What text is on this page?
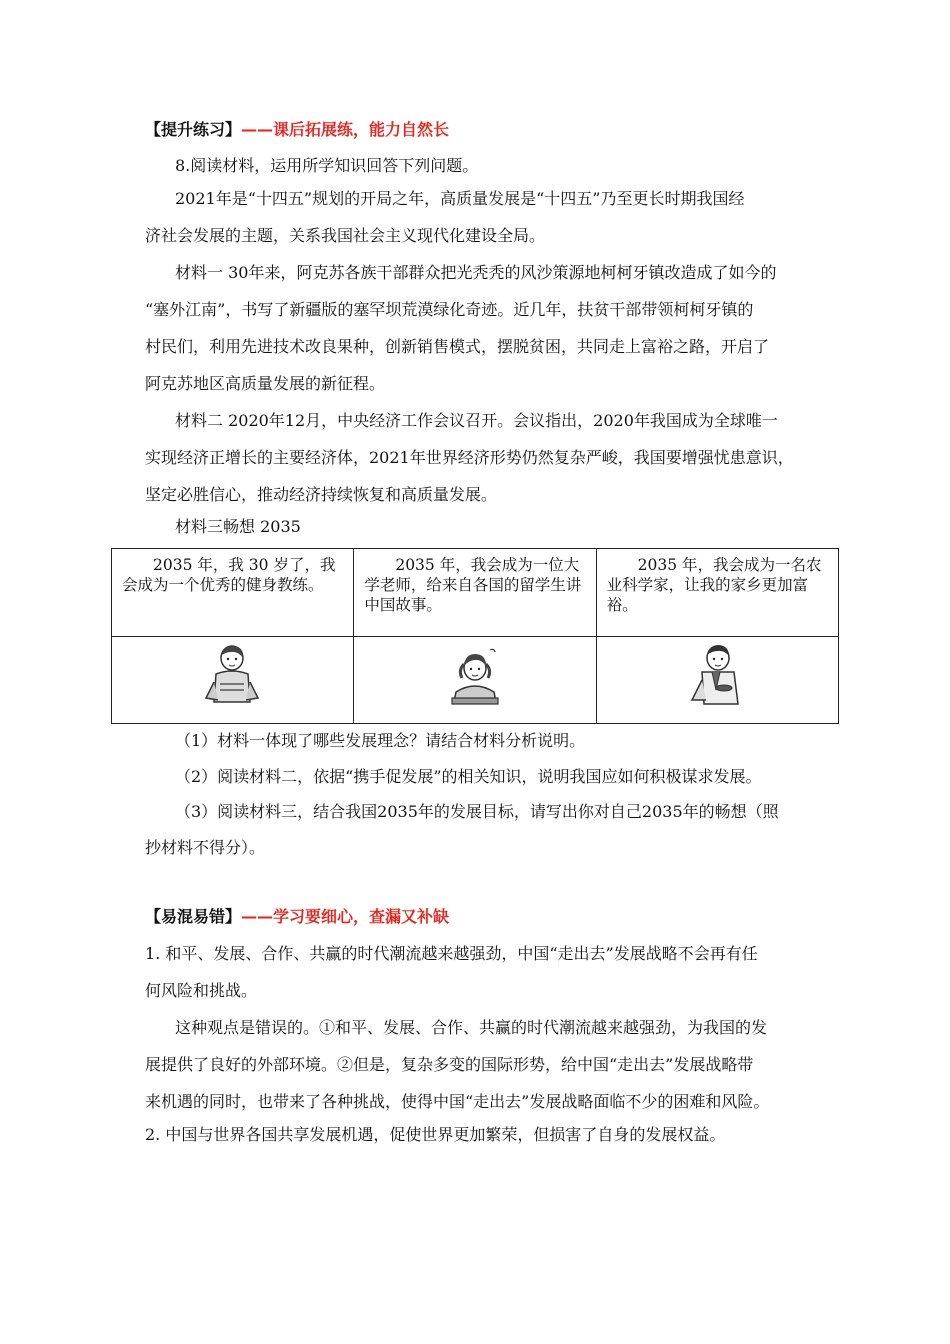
【提升练习】——课后拓展练，能力自然长
8.阅读材料，运用所学知识回答下列问题。
2021年是“十四五”规划的开局之年，高质量发展是“十四五”乃至更长时期我国经
济社会发展的主题，关系我国社会主义现代化建设全局。
材料一 30年来，阿克苏各族干部群众把光秃秃的风沙策源地柯柯牙镇改造成了如今的
“塞外江南”，书写了新疆版的塞罕坝荒漠绿化奇迹。近几年，扶贫干部带领柯柯牙镇的
村民们，利用先进技术改良果种，创新销售模式，摆脱贫困，共同走上富裕之路，开启了
阿克苏地区高质量发展的新征程。
材料二 2020年12月，中央经济工作会议召开。会议指出，2020年我国成为全球唯一
实现经济正增长的主要经济体，2021年世界经济形势仍然复杂严峻，我国要增强忧患意识，
坚定必胜信心，推动经济持续恢复和高质量发展。
材料三畅想 2035
2035 年，我 30 岁了，我会成为一个优秀的健身教练。	2035 年，我会成为一位大学老师，给来自各国的留学生讲中国故事。	2035 年，我会成为一名农业科学家，让我的家乡更加富裕。

（1）材料一体现了哪些发展理念？请结合材料分析说明。
（2）阅读材料二，依据“携手促发展”的相关知识，说明我国应如何积极谋求发展。
（3）阅读材料三，结合我国2035年的发展目标，请写出你对自己2035年的畅想（照
抄材料不得分）。
【易混易错】——学习要细心，查漏又补缺
1. 和平、发展、合作、共赢的时代潮流越来越强劲，中国“走出去”发展战略不会再有任
何风险和挑战。
这种观点是错误的。①和平、发展、合作、共赢的时代潮流越来越强劲，为我国的发
展提供了良好的外部环境。②但是，复杂多变的国际形势，给中国“走出去”发展战略带
来机遇的同时，也带来了各种挑战，使得中国“走出去”发展战略面临不少的困难和风险。
2. 中国与世界各国共享发展机遇，促使世界更加繁荣，但损害了自身的发展权益。
